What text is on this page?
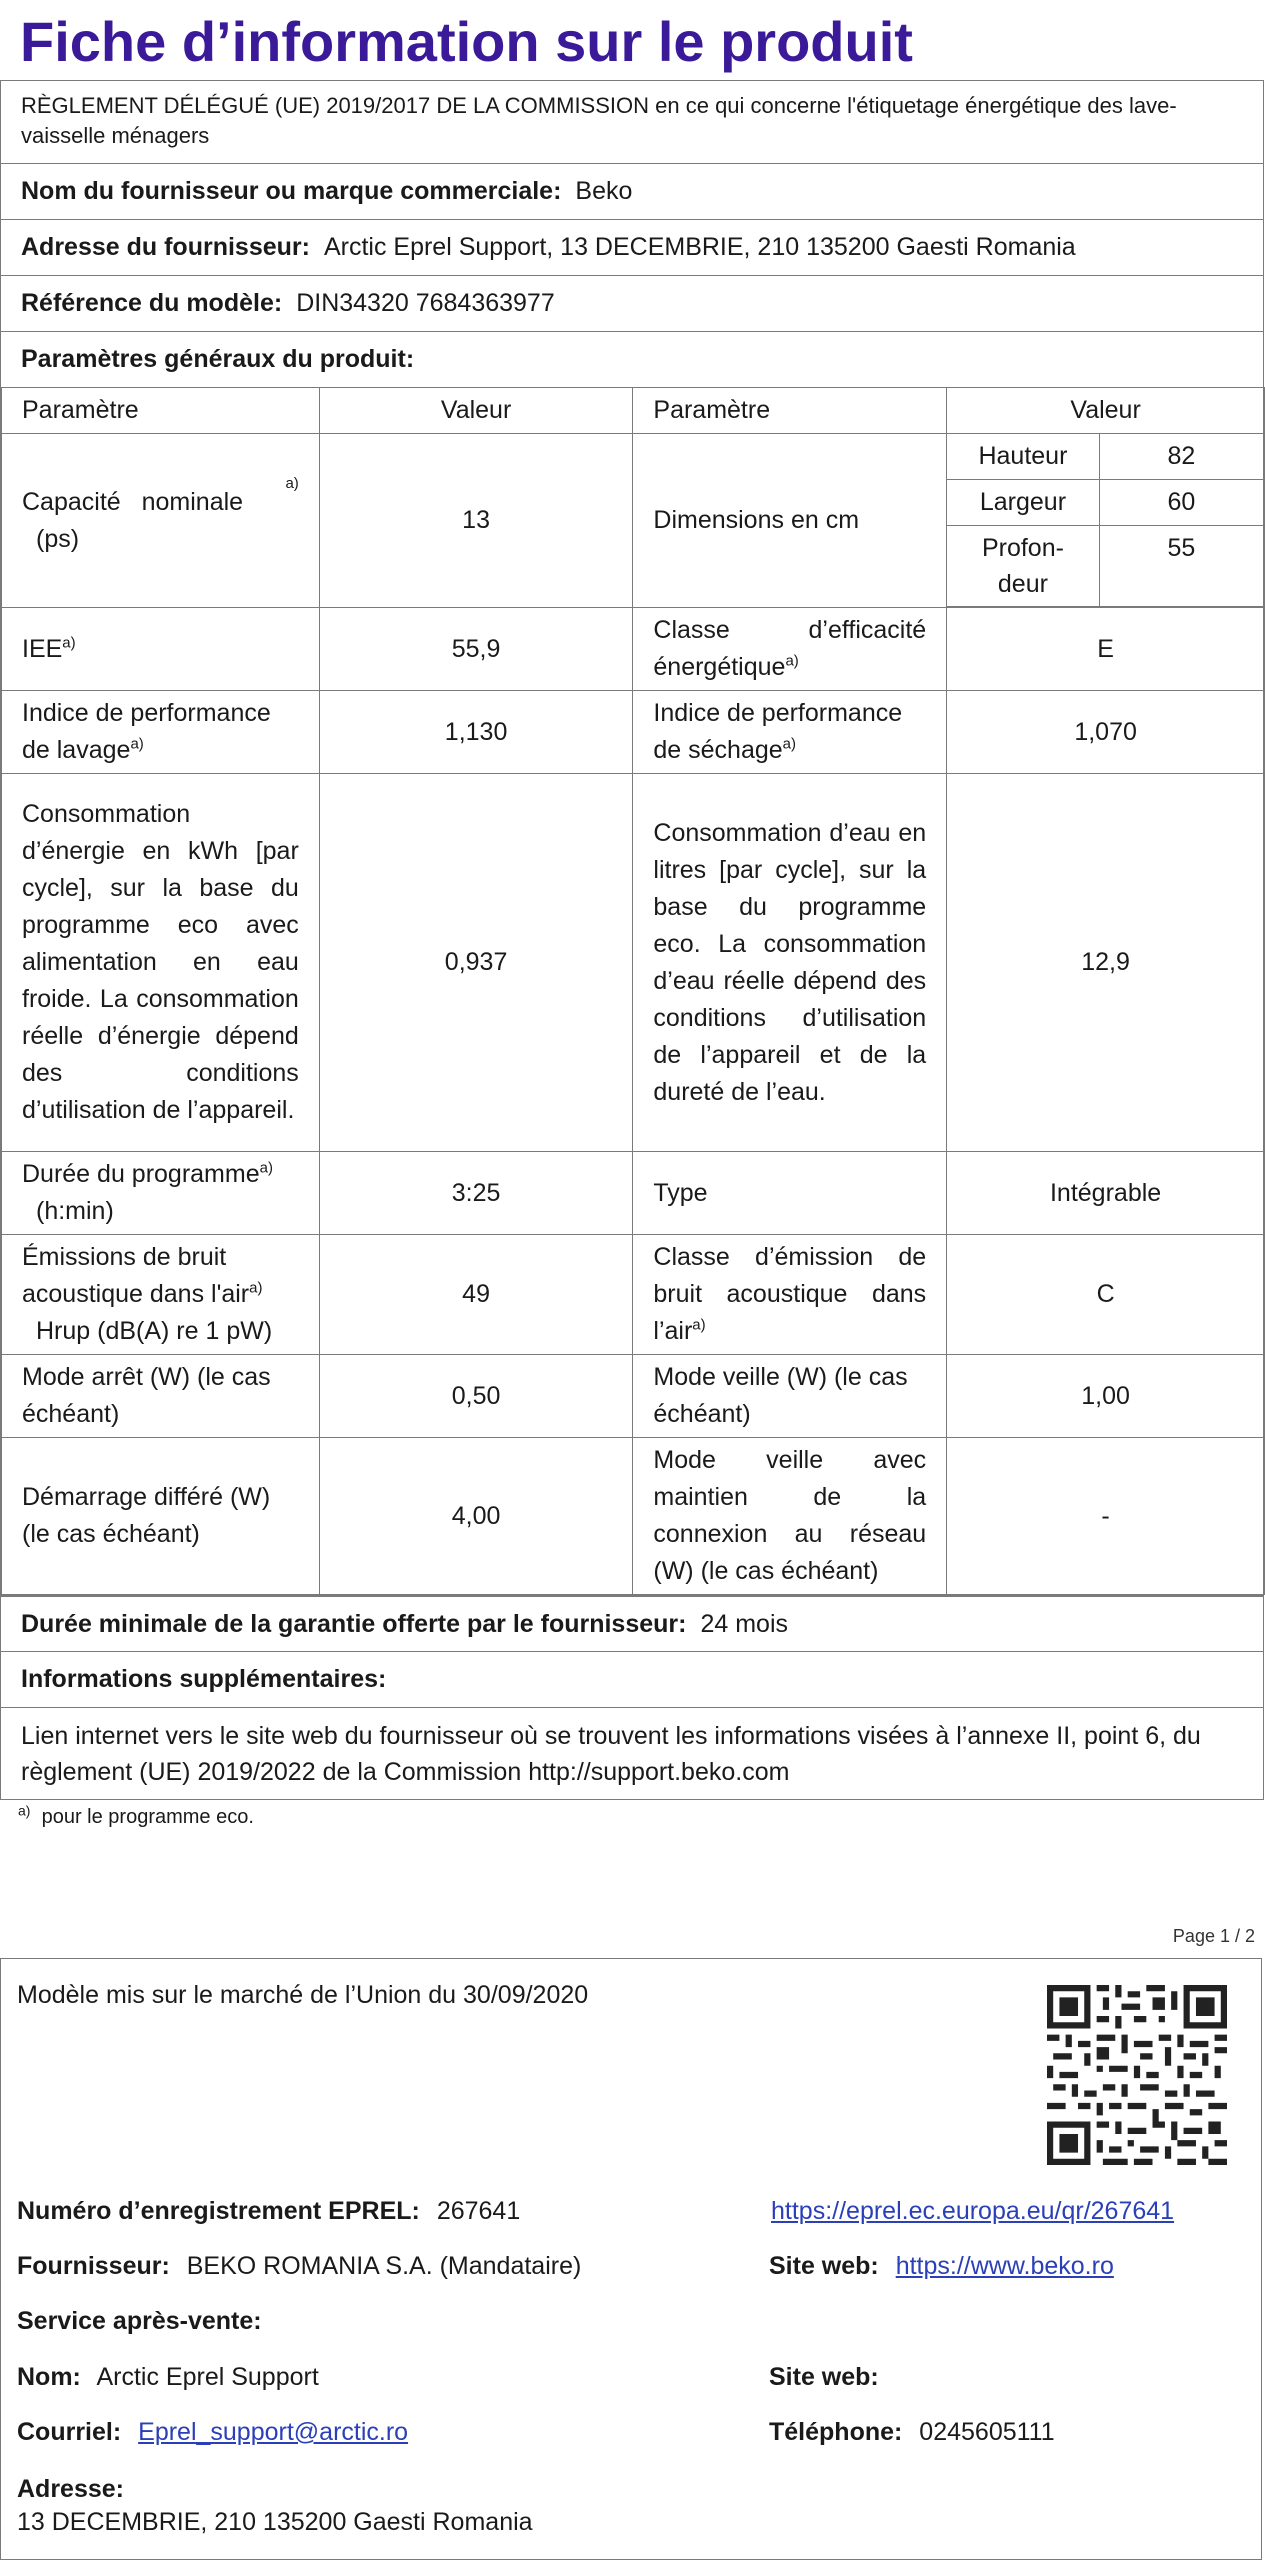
Fiche d’information sur le produit
RÈGLEMENT DÉLÉGUÉ (UE) 2019/2017 DE LA COMMISSION en ce qui concerne l'étiquetage énergétique des lave-vaisselle ménagers
Nom du fournisseur ou marque commerciale: Beko
Adresse du fournisseur: Arctic Eprel Support, 13 DECEMBRIE, 210 135200 Gaesti Romania
Référence du modèle: DIN34320 7684363977
Paramètres généraux du produit:
Paramètre	Valeur	Paramètre	Valeur

Capacité nominale
a)
(ps)
	13	Dimensions en cm	
Hauteur	82
Largeur	60
Profon-deur	55

IEE$^{a)}$	55,9	Classe d’efficacité énergétique$^{a)}$	E
Indice de performance de lavage$^{a)}$	1,130	Indice de performance de séchage$^{a)}$	1,070
Consommation d’énergie en kWh [par cycle], sur la base du programme eco avec alimentation en eau froide. La consommation réelle d’énergie dépend des conditions d’utilisation de l’appareil.	0,937	Consommation d’eau en litres [par cycle], sur la base du programme eco. La consommation d’eau réelle dépend des conditions d’utilisation de l’appareil et de la dureté de l’eau.	12,9

Durée du programme$^{a)}$
(h:min)
	3:25	Type	Intégrable

Émissions de bruit acoustique dans l'air$^{a)}$
Hrup (dB(A) re 1 pW)
	49	Classe d’émission de bruit acoustique dans l’air$^{a)}$	C
Mode arrêt (W) (le cas échéant)	0,50	Mode veille (W) (le cas échéant)	1,00
Démarrage différé (W) (le cas échéant)	4,00	Mode veille avec maintien de la connexion au réseau (W) (le cas échéant)	-
Durée minimale de la garantie offerte par le fournisseur: 24 mois
Informations supplémentaires:
Lien internet vers le site web du fournisseur où se trouvent les informations visées à l’annexe II, point 6, du règlement (UE) 2019/2022 de la Commission http://support.beko.com
$^{a)}$ pour le programme eco.
Page 1 / 2
Modèle mis sur le marché de l’Union du 30/09/2020
Numéro d’enregistrement EPREL: 267641	https://eprel.ec.europa.eu/qr/267641
Fournisseur: BEKO ROMANIA S.A. (Mandataire)	Site web: https://www.beko.ro
Service après-vente:
Nom: Arctic Eprel Support	Site web:
Courriel: Eprel_support@arctic.ro	Téléphone: 0245605111
Adresse:
13 DECEMBRIE, 210 135200 Gaesti Romania
